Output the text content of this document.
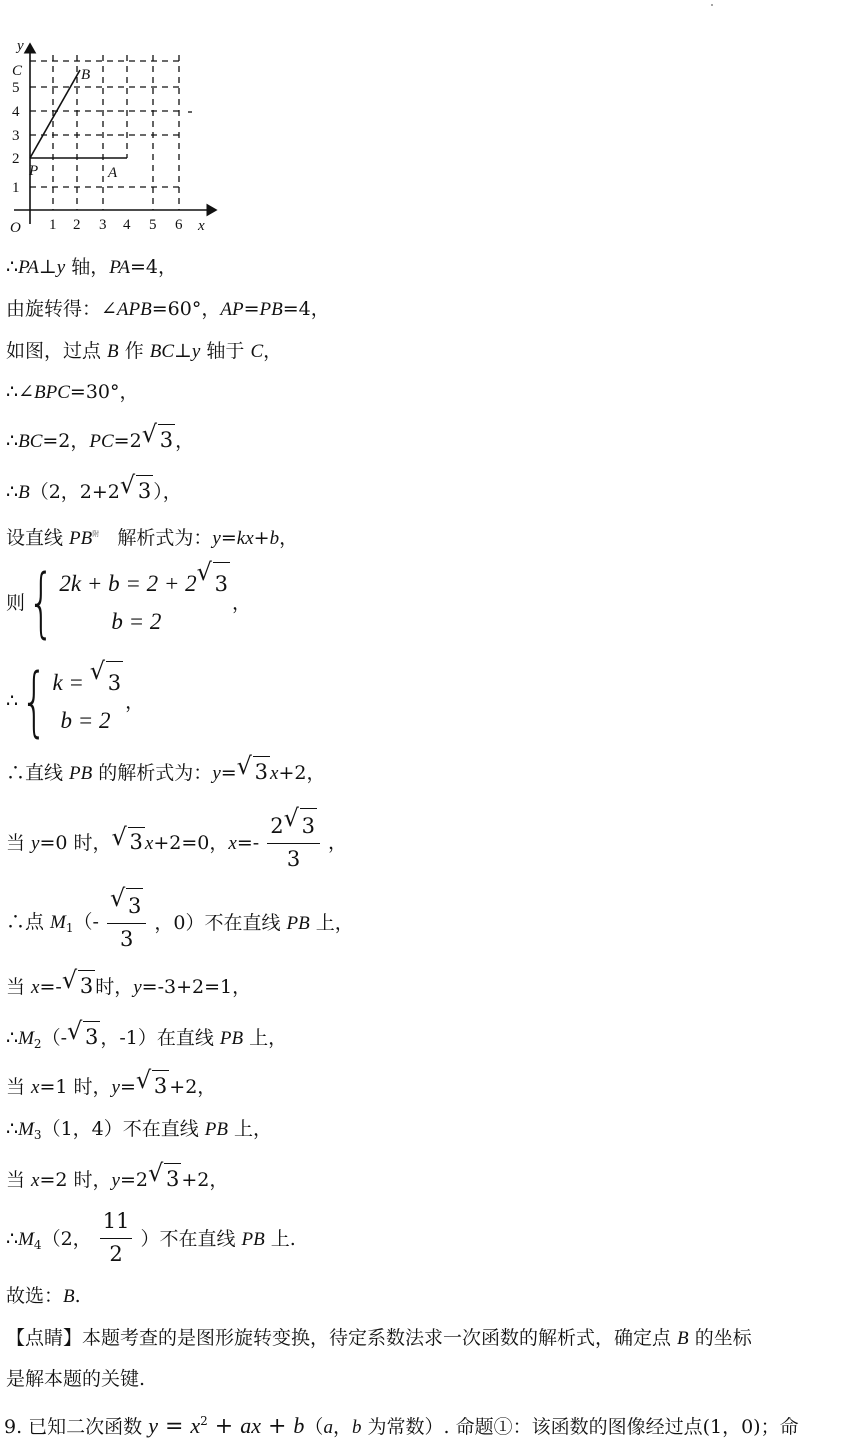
y
x
O 1 2 3 4 5 6
1
2
3
4
5
C	B
P	A
∴PA⊥y 轴，PA=4，
由旋转得：∠APB=60°，AP=PB=4，
如图，过点 B 作 BC⊥y 轴于 C，
∴∠BPC=30°，
∴BC=2，PC=2 √ 3 ，
∴B（2，2+2 √ 3 ），
设直线 $PB^附$ 解析式为：y=kx+b，
则 { 2k + b = 2 + 2 √ 3
b = 2
，
∴ { k = √ 3
b = 2
，
∴直线 PB 的解析式为：y= √ 3 x+2，
当 y=0 时， √ 3 x+2=0，$x=- \frac{2 √ 3}{3}$ ，
∴点 $M_1(- \frac{√ 3}{3}$ ，0）不在直线 PB 上，
当 x=- √ 3 时，y=-3+2=1，
$\therefore M_2(-$ √ 3 ，-1）在直线 PB 上，
当 x=1 时，y= √ 3 +2，
$\therefore M_3(1$，4）不在直线 PB 上，
当 x=2 时，y=2 √ 3 +2，
$\therefore M_4(2$， $\frac{11}{2}$ ）不在直线 PB 上.
故选：B.
【点睛】本题考查的是图形旋转变换，待定系数法求一次函数的解析式，确定点 B 的坐标
是解本题的关键.
9. 已知二次函数 $y = x^2$ + ax + b（a，b 为常数）. 命题①：该函数的图像经过点(1，0)；命
